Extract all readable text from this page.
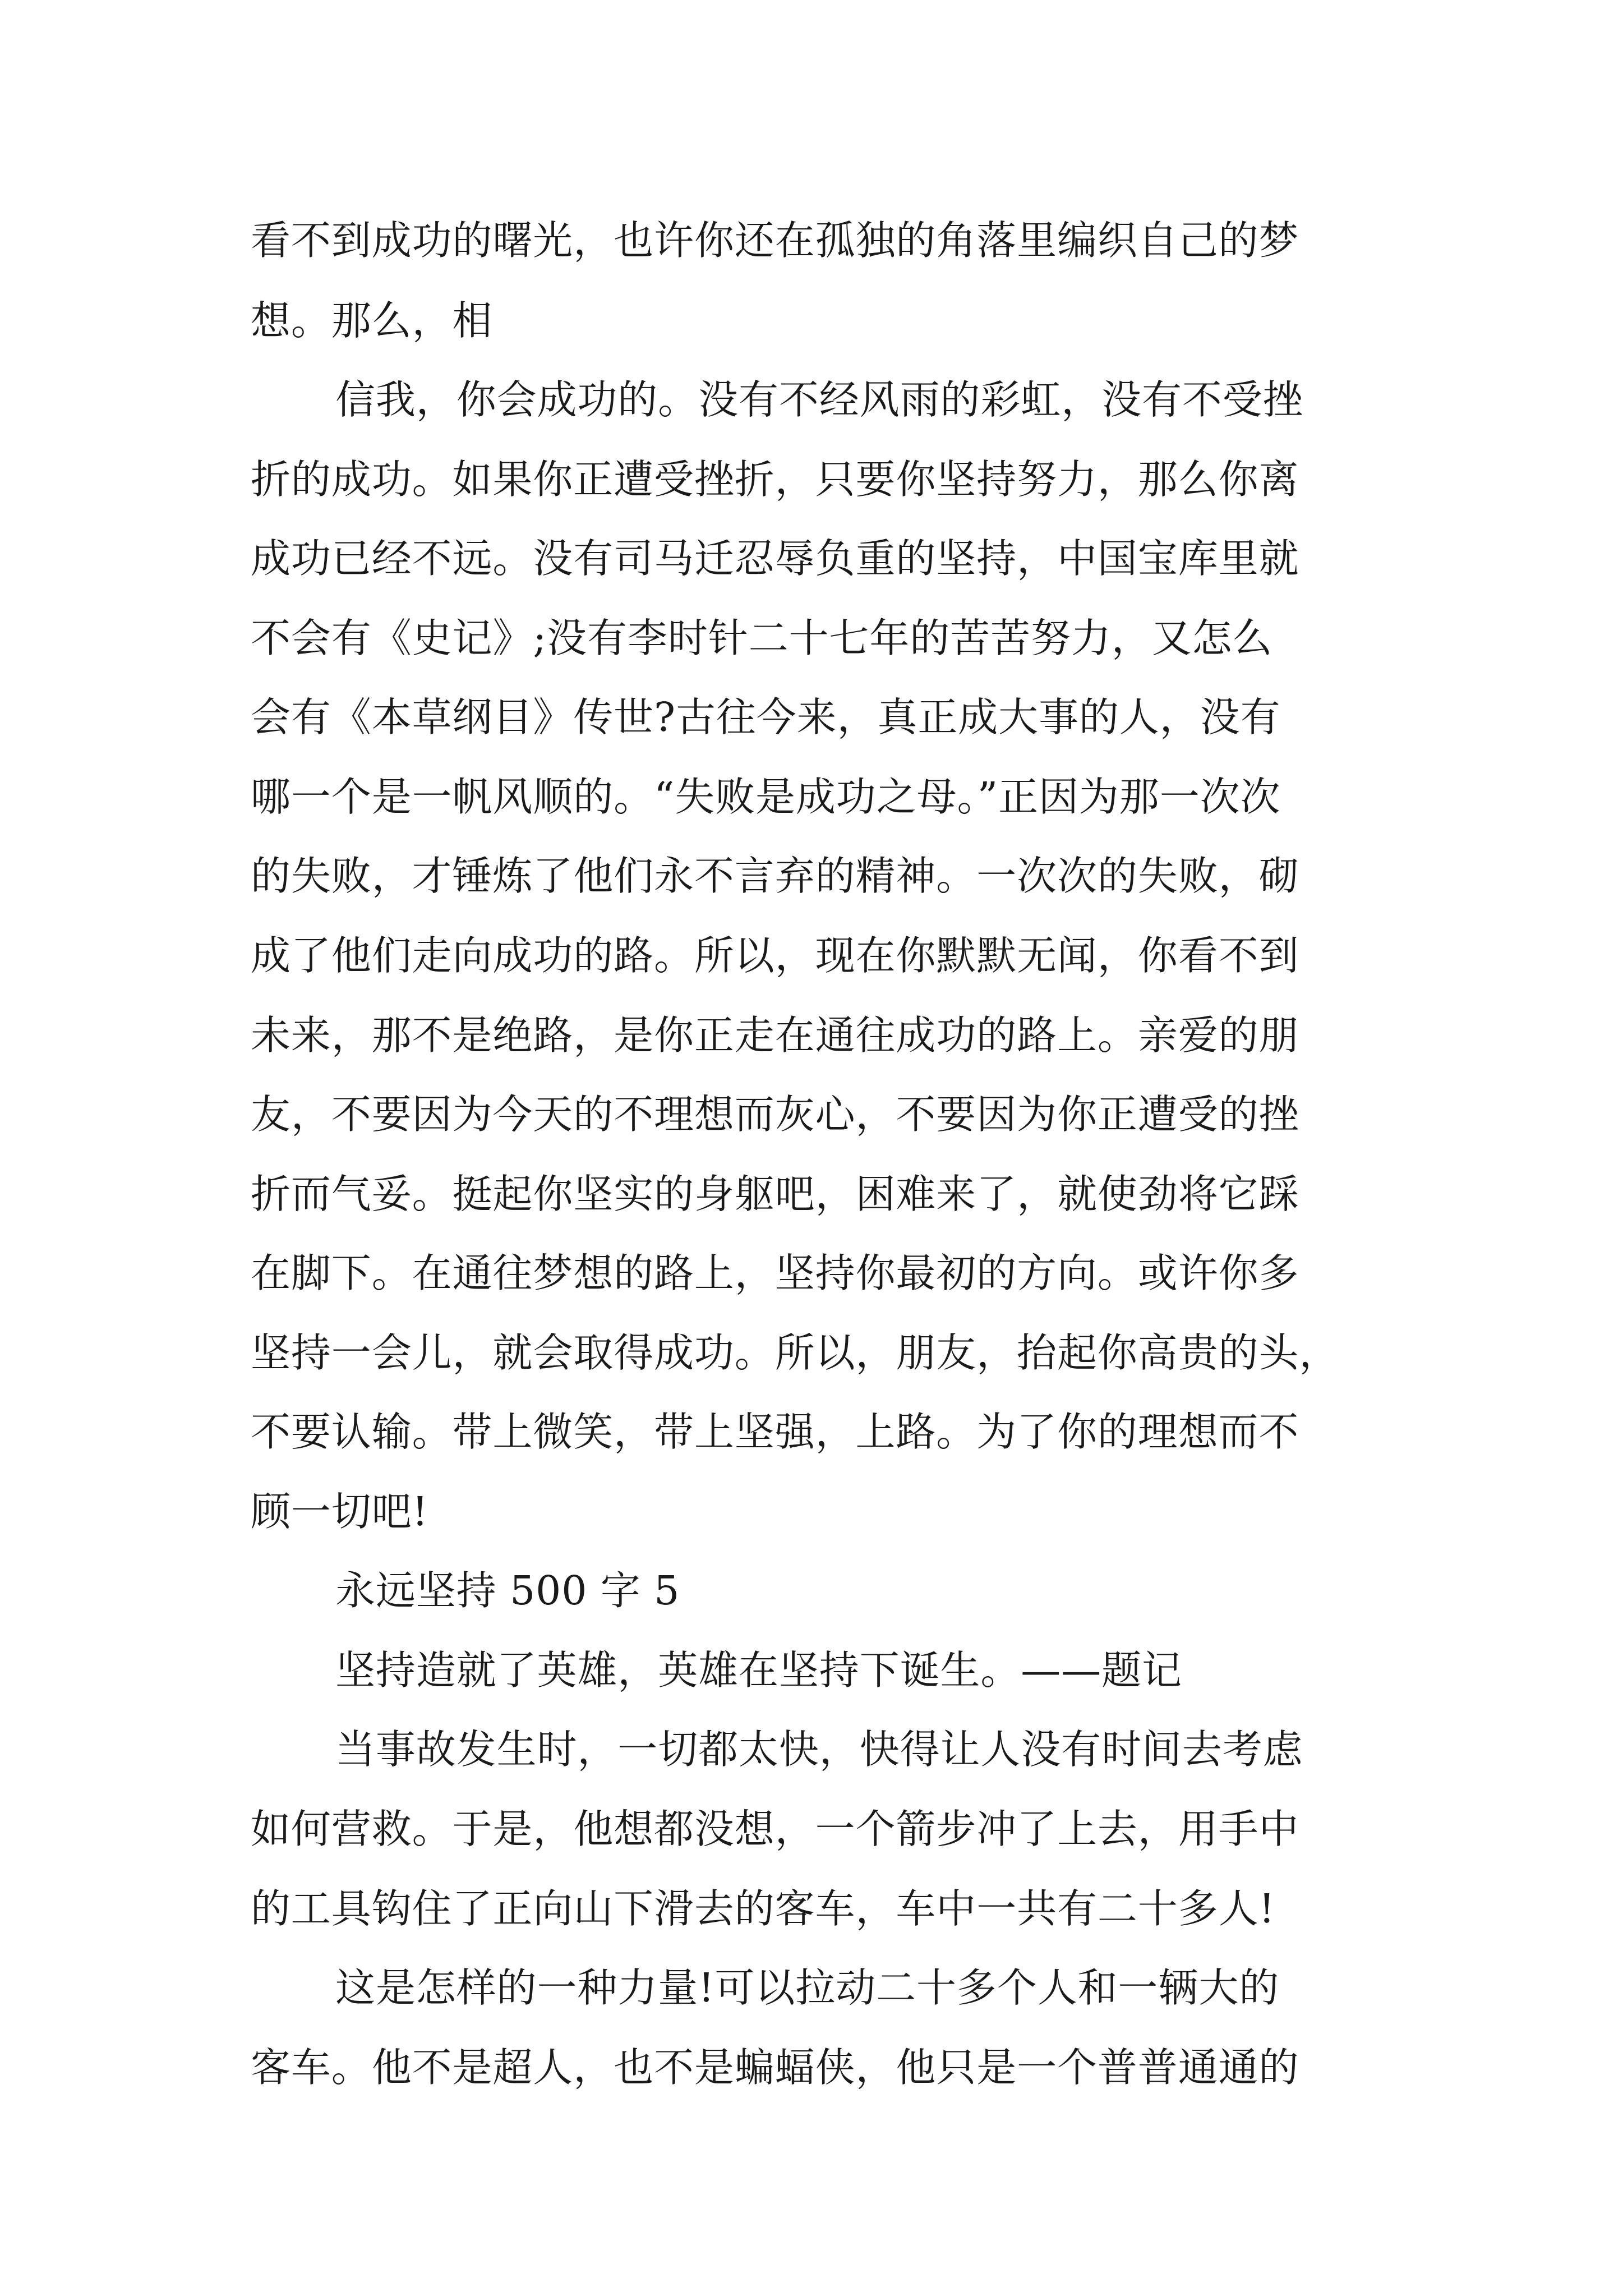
看不到成功的曙光，也许你还在孤独的角落里编织自己的梦
想。那么，相
信我，你会成功的。没有不经风雨的彩虹，没有不受挫
折的成功。如果你正遭受挫折，只要你坚持努力，那么你离
成功已经不远。没有司马迁忍辱负重的坚持，中国宝库里就
不会有《史记》;没有李时针二十七年的苦苦努力，又怎么
会有《本草纲目》传世?古往今来，真正成大事的人，没有
哪一个是一帆风顺的。“失败是成功之母。”正因为那一次次
的失败，才锤炼了他们永不言弃的精神。一次次的失败，砌
成了他们走向成功的路。所以，现在你默默无闻，你看不到
未来，那不是绝路，是你正走在通往成功的路上。亲爱的朋
友，不要因为今天的不理想而灰心，不要因为你正遭受的挫
折而气妥。挺起你坚实的身躯吧，困难来了，就使劲将它踩
在脚下。在通往梦想的路上，坚持你最初的方向。或许你多
坚持一会儿，就会取得成功。所以，朋友，抬起你高贵的头，
不要认输。带上微笑，带上坚强，上路。为了你的理想而不
顾一切吧!
永远坚持 500 字 5
坚持造就了英雄，英雄在坚持下诞生。——题记
当事故发生时，一切都太快，快得让人没有时间去考虑
如何营救。于是，他想都没想，一个箭步冲了上去，用手中
的工具钩住了正向山下滑去的客车，车中一共有二十多人!
这是怎样的一种力量!可以拉动二十多个人和一辆大的
客车。他不是超人，也不是蝙蝠侠，他只是一个普普通通的
